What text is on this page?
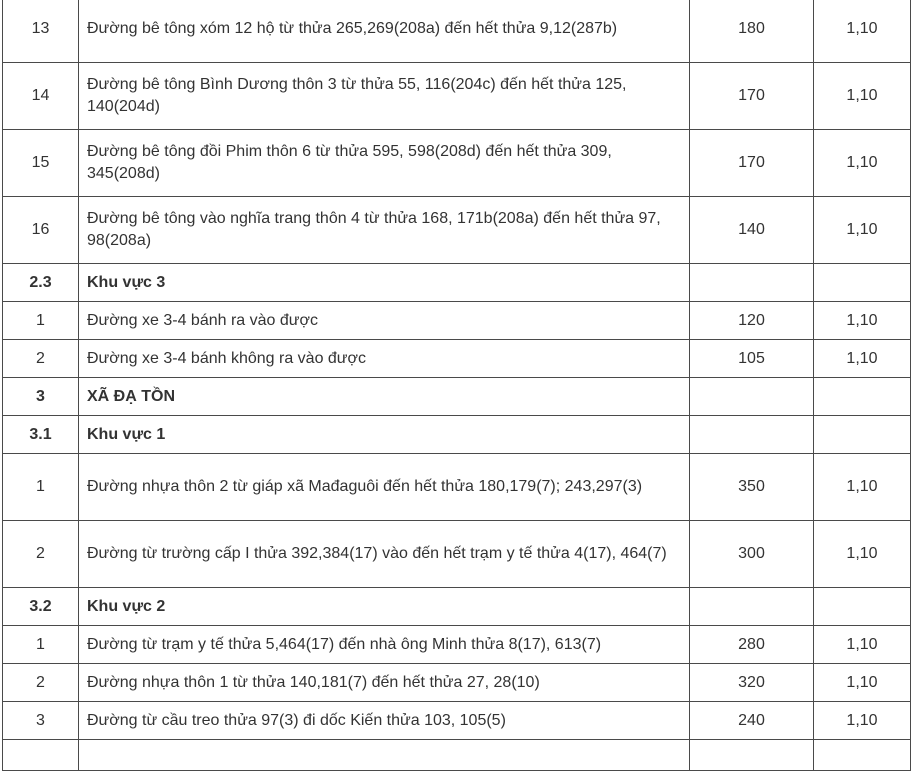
13	Đường bê tông xóm 12 hộ từ thửa 265,269(208a) đến hết thửa 9,12(287b)	180	1,10
14	Đường bê tông Bình Dương thôn 3 từ thửa 55, 116(204c) đến hết thửa 125, 140(204d)	170	1,10
15	Đường bê tông đồi Phim thôn 6 từ thửa 595, 598(208d) đến hết thửa 309, 345(208d)	170	1,10
16	Đường bê tông vào nghĩa trang thôn 4 từ thửa 168, 171b(208a) đến hết thửa 97, 98(208a)	140	1,10
2.3	Khu vực 3		
1	Đường xe 3-4 bánh ra vào được	120	1,10
2	Đường xe 3-4 bánh không ra vào được	105	1,10
3	XÃ ĐẠ TỒN		
3.1	Khu vực 1		
1	Đường nhựa thôn 2 từ giáp xã Mađaguôi đến hết thửa 180,179(7); 243,297(3)	350	1,10
2	Đường từ trường cấp I thửa 392,384(17) vào đến hết trạm y tế thửa 4(17), 464(7)	300	1,10
3.2	Khu vực 2		
1	Đường từ trạm y tế thửa 5,464(17) đến nhà ông Minh thửa 8(17), 613(7)	280	1,10
2	Đường nhựa thôn 1 từ thửa 140,181(7) đến hết thửa 27, 28(10)	320	1,10
3	Đường từ cầu treo thửa 97(3) đi dốc Kiến thửa 103, 105(5)	240	1,10
